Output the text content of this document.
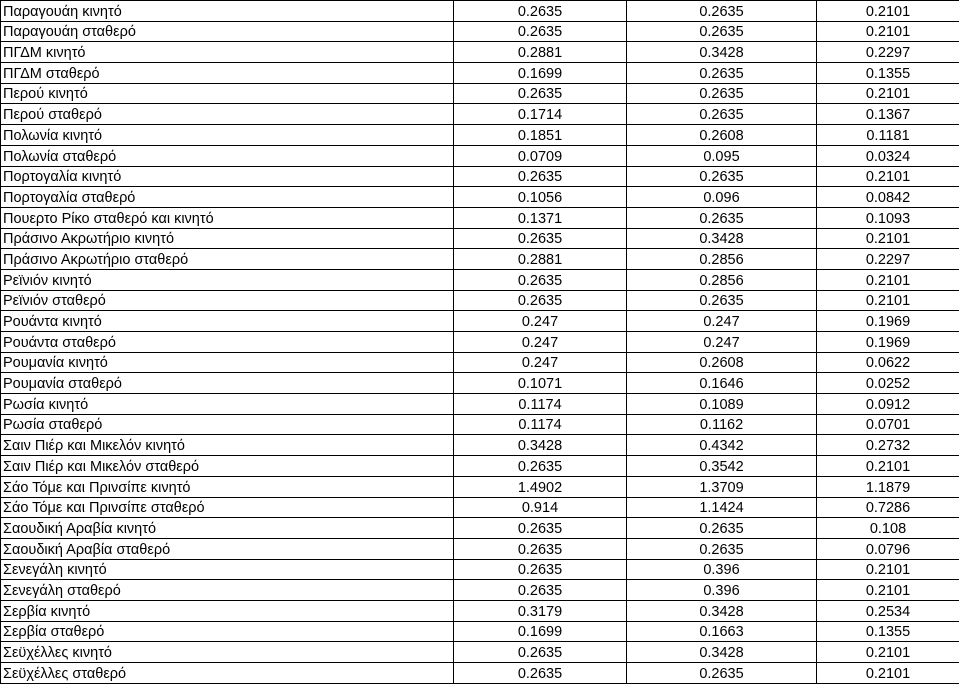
Παραγουάη κινητό	0.2635	0.2635	0.2101
Παραγουάη σταθερό	0.2635	0.2635	0.2101
ΠΓΔΜ κινητό	0.2881	0.3428	0.2297
ΠΓΔΜ σταθερό	0.1699	0.2635	0.1355
Περού κινητό	0.2635	0.2635	0.2101
Περού σταθερό	0.1714	0.2635	0.1367
Πολωνία κινητό	0.1851	0.2608	0.1181
Πολωνία σταθερό	0.0709	0.095	0.0324
Πορτογαλία κινητό	0.2635	0.2635	0.2101
Πορτογαλία σταθερό	0.1056	0.096	0.0842
Πουερτο Ρίκο σταθερό και κινητό	0.1371	0.2635	0.1093
Πράσινο Ακρωτήριο κινητό	0.2635	0.3428	0.2101
Πράσινο Ακρωτήριο σταθερό	0.2881	0.2856	0.2297
Ρεϊνιόν κινητό	0.2635	0.2856	0.2101
Ρεϊνιόν σταθερό	0.2635	0.2635	0.2101
Ρουάντα κινητό	0.247	0.247	0.1969
Ρουάντα σταθερό	0.247	0.247	0.1969
Ρουμανία κινητό	0.247	0.2608	0.0622
Ρουμανία σταθερό	0.1071	0.1646	0.0252
Ρωσία κινητό	0.1174	0.1089	0.0912
Ρωσία σταθερό	0.1174	0.1162	0.0701
Σαιν Πιέρ και Μικελόν κινητό	0.3428	0.4342	0.2732
Σαιν Πιέρ και Μικελόν σταθερό	0.2635	0.3542	0.2101
Σάο Τόμε και Πρινσίπε κινητό	1.4902	1.3709	1.1879
Σάο Τόμε και Πρινσίπε σταθερό	0.914	1.1424	0.7286
Σαουδική Αραβία κινητό	0.2635	0.2635	0.108
Σαουδική Αραβία σταθερό	0.2635	0.2635	0.0796
Σενεγάλη κινητό	0.2635	0.396	0.2101
Σενεγάλη σταθερό	0.2635	0.396	0.2101
Σερβία κινητό	0.3179	0.3428	0.2534
Σερβία σταθερό	0.1699	0.1663	0.1355
Σεϋχέλλες κινητό	0.2635	0.3428	0.2101
Σεϋχέλλες σταθερό	0.2635	0.2635	0.2101
